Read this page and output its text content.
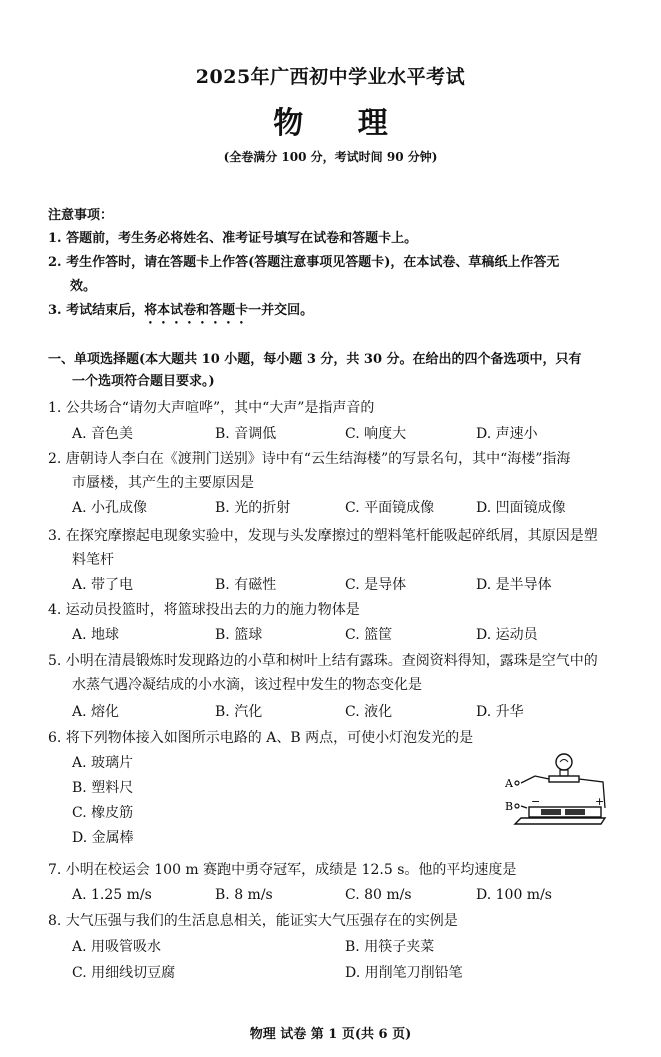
2025年广西初中学业水平考试
物 理
(全卷满分 100 分，考试时间 90 分钟)
注意事项：
1. 答题前，考生务必将姓名、准考证号填写在试卷和答题卡上。
2. 考生作答时，请在答题卡上作答(答题注意事项见答题卡)，在本试卷、草稿纸上作答无
效。
3. 考试结束后，将本试卷和答题卡一并交回。
一、单项选择题(本大题共 10 小题，每小题 3 分，共 30 分。在给出的四个备选项中，只有
一个选项符合题目要求。)
1. 公共场合“请勿大声喧哗”，其中“大声”是指声音的
A. 音色美	B. 音调低	C. 响度大	D. 声速小
2. 唐朝诗人李白在《渡荆门送别》诗中有“云生结海楼”的写景名句，其中“海楼”指海
市蜃楼，其产生的主要原因是
A. 小孔成像	B. 光的折射	C. 平面镜成像	D. 凹面镜成像
3. 在探究摩擦起电现象实验中，发现与头发摩擦过的塑料笔杆能吸起碎纸屑，其原因是塑
料笔杆
A. 带了电	B. 有磁性	C. 是导体	D. 是半导体
4. 运动员投篮时，将篮球投出去的力的施力物体是
A. 地球	B. 篮球	C. 篮筐	D. 运动员
5. 小明在清晨锻炼时发现路边的小草和树叶上结有露珠。查阅资料得知，露珠是空气中的
水蒸气遇冷凝结成的小水滴，该过程中发生的物态变化是
A. 熔化	B. 汽化	C. 液化	D. 升华
6. 将下列物体接入如图所示电路的 A、B 两点，可使小灯泡发光的是
A. 玻璃片
B. 塑料尺
C. 橡皮筋
D. 金属棒
A
B −	+
7. 小明在校运会 100 m 赛跑中勇夺冠军，成绩是 12.5 s。他的平均速度是
A. 1.25 m/s	B. 8 m/s	C. 80 m/s	D. 100 m/s
8. 大气压强与我们的生活息息相关，能证实大气压强存在的实例是
A. 用吸管吸水	B. 用筷子夹菜
C. 用细线切豆腐	D. 用削笔刀削铅笔
物理 试卷 第 1 页(共 6 页)
